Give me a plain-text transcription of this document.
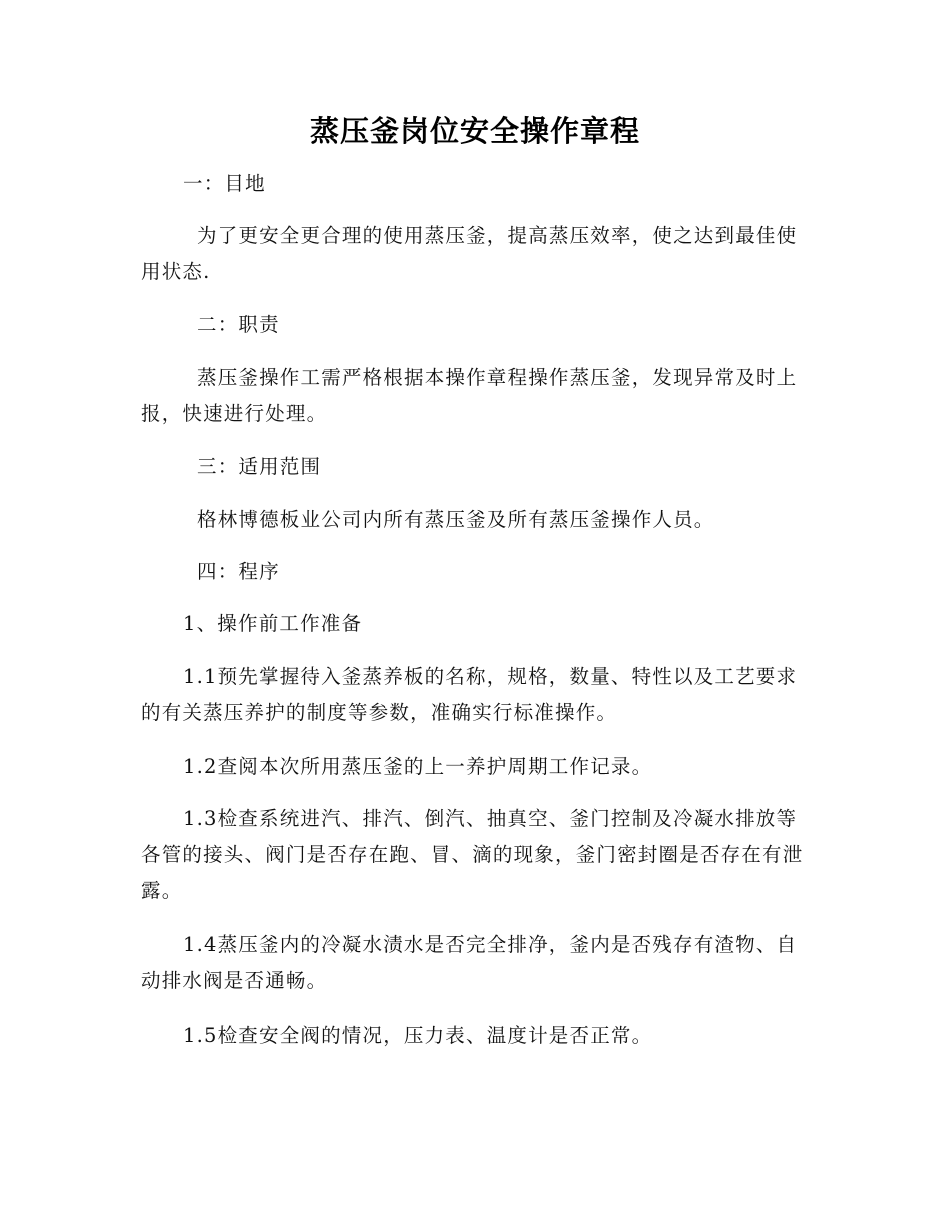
蒸压釜岗位安全操作章程
一：目地
为了更安全更合理的使用蒸压釜，提高蒸压效率，使之达到最佳使用状态.
二：职责
蒸压釜操作工需严格根据本操作章程操作蒸压釜，发现异常及时上报，快速进行处理。
三：适用范围
格林博德板业公司内所有蒸压釜及所有蒸压釜操作人员。
四：程序
1、操作前工作准备
1.1预先掌握待入釜蒸养板的名称，规格，数量、特性以及工艺要求的有关蒸压养护的制度等参数，准确实行标准操作。
1.2查阅本次所用蒸压釜的上一养护周期工作记录。
1.3检查系统进汽、排汽、倒汽、抽真空、釜门控制及冷凝水排放等各管的接头、阀门是否存在跑、冒、滴的现象，釜门密封圈是否存在有泄露。
1.4蒸压釜内的冷凝水渍水是否完全排净，釜内是否残存有渣物、自动排水阀是否通畅。
1.5检查安全阀的情况，压力表、温度计是否正常。
